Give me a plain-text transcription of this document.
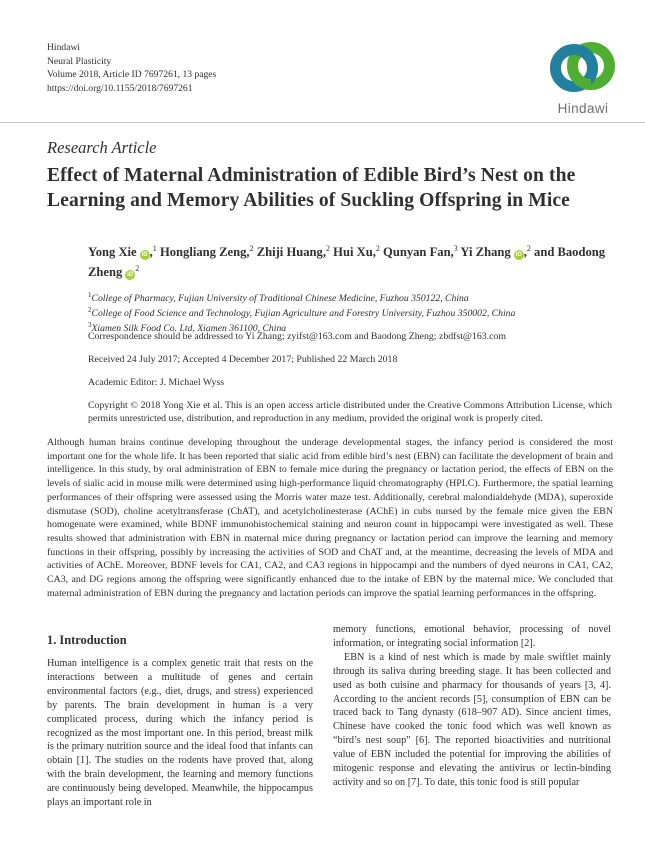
Hindawi
Neural Plasticity
Volume 2018, Article ID 7697261, 13 pages
https://doi.org/10.1155/2018/7697261
Hindawi
Research Article
Effect of Maternal Administration of Edible Bird’s Nest on the Learning and Memory Abilities of Suckling Offspring in Mice
Yong Xie iD ,$^1$ Hongliang Zeng,$^2$ Zhiji Huang,$^2$ Hui Xu,$^2$ Qunyan Fan,$^3$ Yi Zhang iD ,$^2$ and Baodong Zheng $iD^2$
$^1$College of Pharmacy, Fujian University of Traditional Chinese Medicine, Fuzhou 350122, China
$^2$College of Food Science and Technology, Fujian Agriculture and Forestry University, Fuzhou 350002, China
$^3$Xiamen Silk Food Co. Ltd, Xiamen 361100, China
Correspondence should be addressed to Yi Zhang; zyifst@163.com and Baodong Zheng; zbdfst@163.com
Received 24 July 2017; Accepted 4 December 2017; Published 22 March 2018
Academic Editor: J. Michael Wyss
Copyright © 2018 Yong Xie et al. This is an open access article distributed under the Creative Commons Attribution License, which permits unrestricted use, distribution, and reproduction in any medium, provided the original work is properly cited.
Although human brains continue developing throughout the underage developmental stages, the infancy period is considered the most important one for the whole life. It has been reported that sialic acid from edible bird’s nest (EBN) can facilitate the development of brain and intelligence. In this study, by oral administration of EBN to female mice during the pregnancy or lactation period, the effects of EBN on the levels of sialic acid in mouse milk were determined using high-performance liquid chromatography (HPLC). Furthermore, the spatial learning performances of their offspring were assessed using the Morris water maze test. Additionally, cerebral malondialdehyde (MDA), superoxide dismutase (SOD), choline acetyltransferase (ChAT), and acetylcholinesterase (AChE) in cubs nursed by the female mice given the EBN homogenate were examined, while BDNF immunohistochemical staining and neuron count in hippocampi were investigated as well. These results showed that administration with EBN in maternal mice during pregnancy or lactation period can improve the learning and memory functions in their offspring, possibly by increasing the activities of SOD and ChAT and, at the meantime, decreasing the levels of MDA and activities of AChE. Moreover, BDNF levels for CA1, CA2, and CA3 regions in hippocampi and the numbers of dyed neurons in CA1, CA2, CA3, and DG regions among the offspring were significantly enhanced due to the intake of EBN by the maternal mice. We concluded that maternal administration of EBN during the pregnancy and lactation periods can improve the spatial learning performances in the offspring.
1. Introduction

Human intelligence is a complex genetic trait that rests on the interactions between a multitude of genes and certain environmental factors (e.g., diet, drugs, and stress) experienced by parents. The brain development in human is a very complicated process, during which the infancy period is recognized as the most important one. In this period, breast milk is the primary nutrition source and the ideal food that infants can obtain [1]. The studies on the rodents have proved that, along with the brain development, the learning and memory functions are continuously being developed. Meanwhile, the hippocampus plays an important role in

memory functions, emotional behavior, processing of novel information, or integrating social information [2].

EBN is a kind of nest which is made by male swiftlet mainly through its saliva during breeding stage. It has been collected and used as both cuisine and pharmacy for thousands of years [3, 4]. According to the ancient records [5], consumption of EBN can be traced back to Tang dynasty (618–907 AD). Since ancient times, Chinese have cooked the tonic food which was well known as “bird’s nest soup” [6]. The reported bioactivities and nutritional value of EBN included the potential for improving the abilities of mitogenic response and elevating the antivirus or lectin-binding activity and so on [7]. To date, this tonic food is still popular
